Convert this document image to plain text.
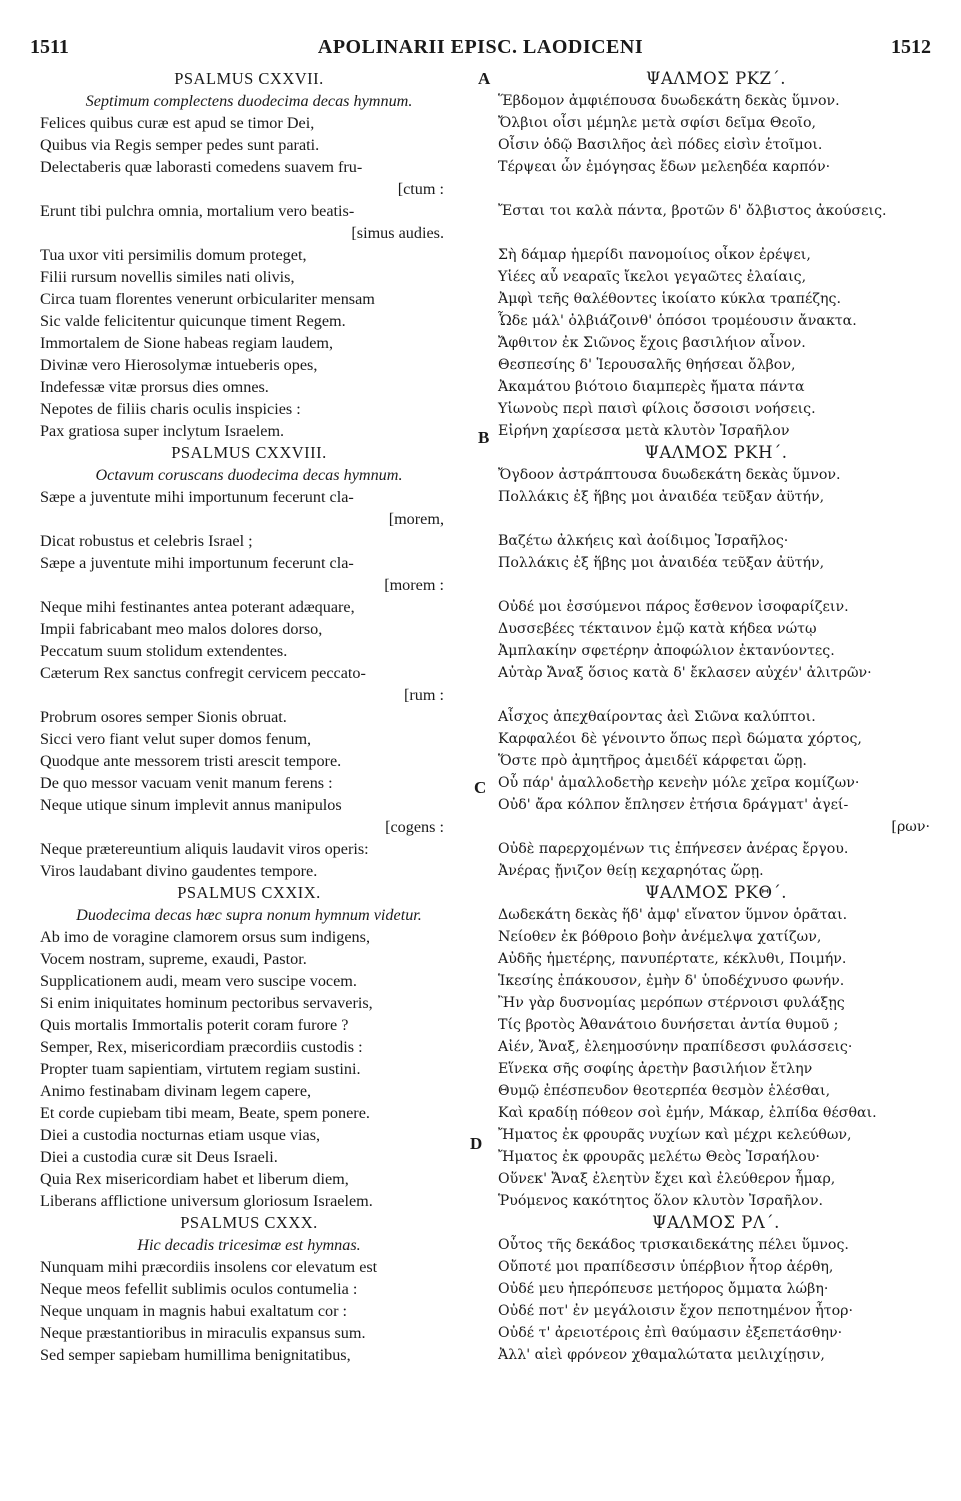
1511	APOLINARII EPISC. LAODICENI	1512
PSALMUS CXXVII.
Septimum complectens duodecima decas hymnum.
Felices quibus curæ est apud se timor Dei,
Quibus via Regis semper pedes sunt parati.
Delectaberis quæ laborasti comedens suavem fru-
[ctum :
Erunt tibi pulchra omnia, mortalium vero beatis-
[simus audies.
Tua uxor viti persimilis domum proteget,
Filii rursum novellis similes nati olivis,
Circa tuam florentes venerunt orbiculariter mensam
Sic valde felicitentur quicunque timent Regem.
Immortalem de Sione habeas regiam laudem,
Divinæ vero Hierosolymæ intueberis opes,
Indefessæ vitæ prorsus dies omnes.
Nepotes de filiis charis oculis inspicies :
Pax gratiosa super inclytum Israelem.
PSALMUS CXXVIII.
Octavum coruscans duodecima decas hymnum.
Sæpe a juventute mihi importunum fecerunt cla-
[morem,
Dicat robustus et celebris Israel ;
Sæpe a juventute mihi importunum fecerunt cla-
[morem :
Neque mihi festinantes antea poterant adæquare,
Impii fabricabant meo malos dolores dorso,
Peccatum suum stolidum extendentes.
Cæterum Rex sanctus confregit cervicem peccato-
[rum :
Probrum osores semper Sionis obruat.
Sicci vero fiant velut super domos fenum,
Quodque ante messorem tristi arescit tempore.
De quo messor vacuam venit manum ferens :
Neque utique sinum implevit annus manipulos
[cogens :
Neque prætereuntium aliquis laudavit viros operis:
Viros laudabant divino gaudentes tempore.
PSALMUS CXXIX.
Duodecima decas hæc supra nonum hymnum videtur.
Ab imo de voragine clamorem orsus sum indigens,
Vocem nostram, supreme, exaudi, Pastor.
Supplicationem audi, meam vero suscipe vocem.
Si enim iniquitates hominum pectoribus servaveris,
Quis mortalis Immortalis poterit coram furore ?
Semper, Rex, misericordiam præcordiis custodis :
Propter tuam sapientiam, virtutem regiam sustini.
Animo festinabam divinam legem capere,
Et corde cupiebam tibi meam, Beate, spem ponere.
Diei a custodia nocturnas etiam usque vias,
Diei a custodia curæ sit Deus Israeli.
Quia Rex misericordiam habet et liberum diem,
Liberans afflictione universum gloriosum Israelem.
PSALMUS CXXX.
Hic decadis tricesimæ est hymnas.
Nunquam mihi præcordiis insolens cor elevatum est
Neque meos fefellit sublimis oculos contumelia :
Neque unquam in magnis habui exaltatum cor :
Neque præstantioribus in miraculis expansus sum.
Sed semper sapiebam humillima benignitatibus,
ΨΑΛΜΟΣ ΡΚΖ΄.
Ἕβδομον ἀμφιέπουσα δυωδεκάτη δεκὰς ὕμνον.
Ὄλβιοι οἷσι μέμηλε μετὰ σφίσι δεῖμα Θεοῖο,
Οἷσιν ὁδῷ Βασιλῆος ἀεὶ πόδες εἰσὶν ἑτοῖμοι.
Τέρψεαι ὧν ἐμόγησας ἔδων μελεηδέα καρπόν·
Ἔσται τοι καλὰ πάντα, βροτῶν δ' ὄλβιστος ἀκούσεις.
Σὴ δάμαρ ἡμερίδι πανομοίιος οἶκον ἐρέψει,
Υἱέες αὖ νεαραῖς ἴκελοι γεγαῶτες ἐλαίαις,
Ἀμφὶ τεῆς θαλέθοντες ἱκοίατο κύκλα τραπέζης.
Ὧδε μάλ' ὀλβιάζοινθ' ὁπόσοι τρομέουσιν ἄνακτα.
Ἄφθιτον ἐκ Σιῶνος ἔχοις βασιλήιον αἶνον.
Θεσπεσίης δ' Ἱερουσαλῆς θηήσεαι ὄλβον,
Ἀκαμάτου βιότοιο διαμπερὲς ἤματα πάντα
Υἱωνοὺς περὶ παισὶ φίλοις ὄσσοισι νοήσεις.
Εἰρήνη χαρίεσσα μετὰ κλυτὸν Ἰσραῆλον
ΨΑΛΜΟΣ ΡΚΗ΄.
Ὄγδοον ἀστράπτουσα δυωδεκάτη δεκὰς ὕμνον.
Πολλάκις ἐξ ἥβης μοι ἀναιδέα τεῦξαν ἀϋτήν,
Βαζέτω ἀλκήεις καὶ ἀοίδιμος Ἰσραῆλος·
Πολλάκις ἐξ ἥβης μοι ἀναιδέα τεῦξαν ἀϋτήν,
Οὐδέ μοι ἐσσύμενοι πάρος ἔσθενον ἰσοφαρίζειν.
Δυσσεβέες τέκταινον ἐμῷ κατὰ κήδεα νώτῳ
Ἀμπλακίην σφετέρην ἀποφώλιον ἐκτανύοντες.
Αὐτὰρ Ἄναξ ὅσιος κατὰ δ' ἔκλασεν αὐχέν' ἀλιτρῶν·
Αἶσχος ἀπεχθαίροντας ἀεὶ Σιῶνα καλύπτοι.
Καρφαλέοι δὲ γένοιντο ὅπως περὶ δώματα χόρτος,
Ὅστε πρὸ ἀμητῆρος ἀμειδέϊ κάρφεται ὥρῃ.
Οὗ πάρ' ἀμαλλοδετὴρ κενεὴν μόλε χεῖρα κομίζων·
Οὐδ' ἄρα κόλπον ἔπλησεν ἐτήσια δράγματ' ἀγεί-
[ρων·
Οὐδὲ παρερχομένων τις ἐπήνεσεν ἀνέρας ἔργου.
Ἀνέρας ᾔνιζον θείῃ κεχαρηότας ὥρῃ.
ΨΑΛΜΟΣ ΡΚΘ΄.
Δωδεκάτη δεκὰς ἥδ' ἀμφ' εἴνατον ὕμνον ὁρᾶται.
Νείοθεν ἐκ βόθροιο βοὴν ἀνέμελψα χατίζων,
Αὐδῆς ἡμετέρης, πανυπέρτατε, κέκλυθι, Ποιμήν.
Ἱκεσίης ἐπάκουσον, ἐμὴν δ' ὑποδέχνυσο φωνήν.
Ἢν γὰρ δυσνομίας μερόπων στέρνοισι φυλάξῃς
Τίς βροτὸς Ἀθανάτοιο δυνήσεται ἀντία θυμοῦ ;
Αἰέν, Ἄναξ, ἐλεημοσύνην πραπίδεσσι φυλάσσεις·
Εἵνεκα σῆς σοφίης ἀρετὴν βασιλήιον ἔτλην
Θυμῷ ἐπέσπευδον θεοτερπέα θεσμὸν ἑλέσθαι,
Καὶ κραδίῃ πόθεον σοὶ ἐμήν, Μάκαρ, ἐλπίδα θέσθαι.
Ἤματος ἐκ φρουρᾶς νυχίων καὶ μέχρι κελεύθων,
Ἤματος ἐκ φρουρᾶς μελέτω Θεὸς Ἰσραήλου·
Οὕνεκ' Ἄναξ ἐλεητὺν ἔχει καὶ ἐλεύθερον ἦμαρ,
Ῥυόμενος κακότητος ὅλον κλυτὸν Ἰσραῆλον.
ΨΑΛΜΟΣ ΡΛ΄.
Οὗτος τῆς δεκάδος τρισκαιδεκάτης πέλει ὕμνος.
Οὔποτέ μοι πραπίδεσσιν ὑπέρβιον ἦτορ ἀέρθη,
Οὐδέ μευ ἠπερόπευσε μετήορος ὄμματα λώβη·
Οὐδέ ποτ' ἐν μεγάλοισιν ἔχον πεποτημένον ἦτορ·
Οὐδέ τ' ἀρειοτέροις ἐπὶ θαύμασιν ἐξεπετάσθην·
Ἀλλ' αἰεὶ φρόνεον χθαμαλώτατα μειλιχίῃσιν,
A
B
C
D
